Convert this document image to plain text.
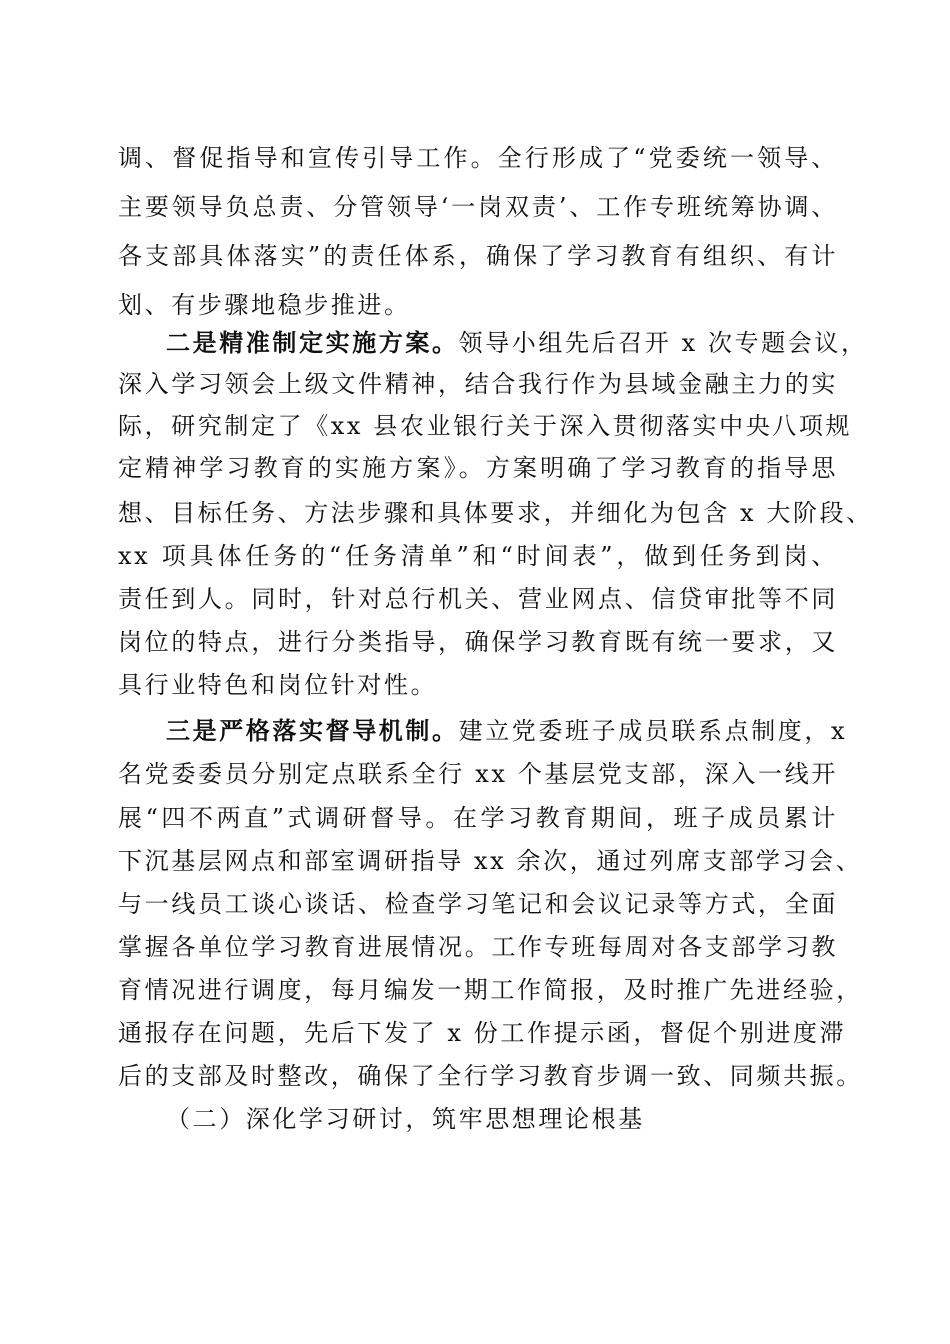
调、督促指导和宣传引导工作。全行形成了“党委统一领导、
主要领导负总责、分管领导‘一岗双责’、工作专班统筹协调、
各支部具体落实”的责任体系，确保了学习教育有组织、有计
划、有步骤地稳步推进。
二是精准制定实施方案。领导小组先后召开 x 次专题会议，
深入学习领会上级文件精神，结合我行作为县域金融主力的实
际，研究制定了《xx 县农业银行关于深入贯彻落实中央八项规
定精神学习教育的实施方案》。方案明确了学习教育的指导思
想、目标任务、方法步骤和具体要求，并细化为包含 x 大阶段、
xx 项具体任务的“任务清单”和“时间表”，做到任务到岗、
责任到人。同时，针对总行机关、营业网点、信贷审批等不同
岗位的特点，进行分类指导，确保学习教育既有统一要求，又
具行业特色和岗位针对性。
三是严格落实督导机制。建立党委班子成员联系点制度，x
名党委委员分别定点联系全行 xx 个基层党支部，深入一线开
展“四不两直”式调研督导。在学习教育期间，班子成员累计
下沉基层网点和部室调研指导 xx 余次，通过列席支部学习会、
与一线员工谈心谈话、检查学习笔记和会议记录等方式，全面
掌握各单位学习教育进展情况。工作专班每周对各支部学习教
育情况进行调度，每月编发一期工作简报，及时推广先进经验，
通报存在问题，先后下发了 x 份工作提示函，督促个别进度滞
后的支部及时整改，确保了全行学习教育步调一致、同频共振。
（二）深化学习研讨，筑牢思想理论根基
